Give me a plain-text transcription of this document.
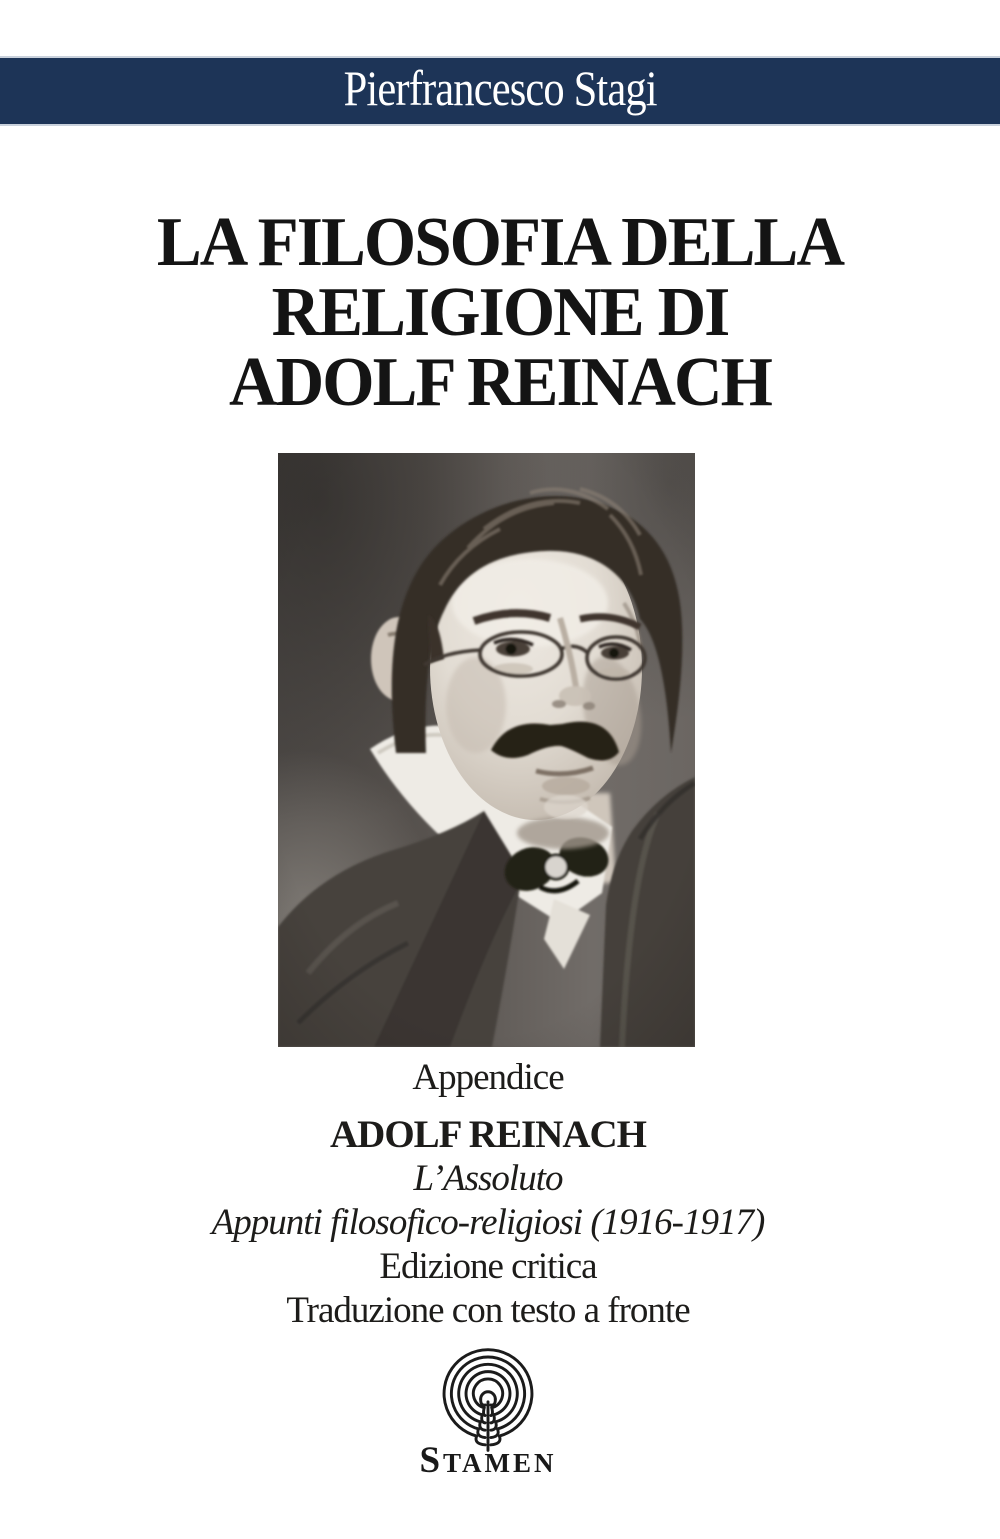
Pierfrancesco Stagi
LA FILOSOFIA DELLA
RELIGIONE DI
ADOLF REINACH
Appendice
ADOLF REINACH
L’Assoluto
Appunti filosofico-religiosi (1916-1917)
Edizione critica
Traduzione con testo a fronte
STAMEN
